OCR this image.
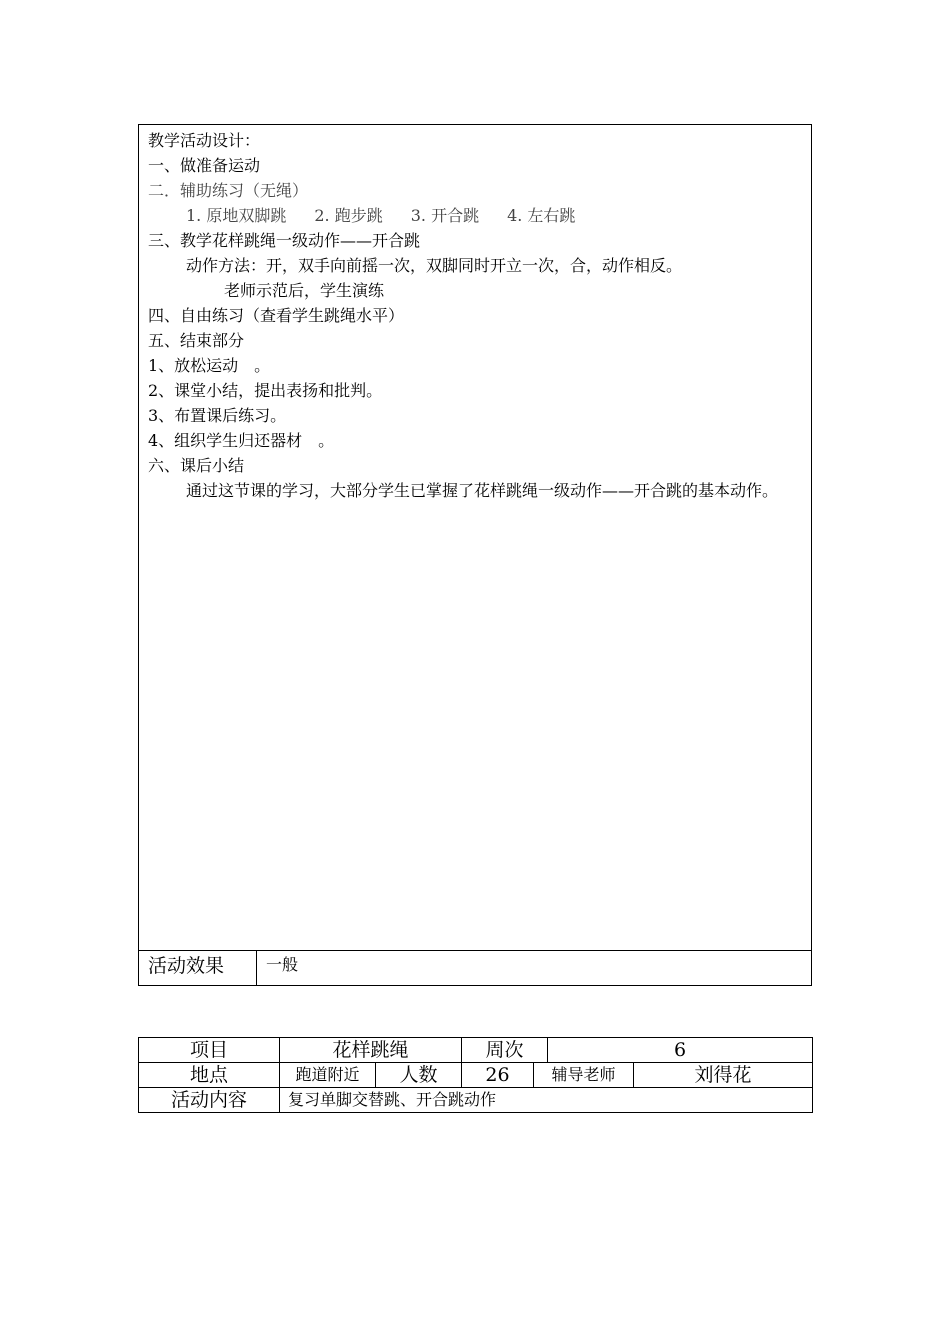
教学活动设计：
一、做准备运动
二．辅助练习（无绳）
1. 原地双脚跳 2. 跑步跳 3. 开合跳 4. 左右跳
三、教学花样跳绳一级动作——开合跳
动作方法：开，双手向前摇一次，双脚同时开立一次，合，动作相反。
老师示范后，学生演练
四、自由练习（查看学生跳绳水平）
五、结束部分
1、放松运动　。
2、课堂小结，提出表扬和批判。
3、布置课后练习。
4、组织学生归还器材　。
六、课后小结
通过这节课的学习，大部分学生已掌握了花样跳绳一级动作——开合跳的基本动作。
活动效果	一般
项目	花样跳绳		周次		6	
地点	跑道附近	人数	26	辅导老师		刘得花
活动内容	复习单脚交替跳、开合跳动作					
